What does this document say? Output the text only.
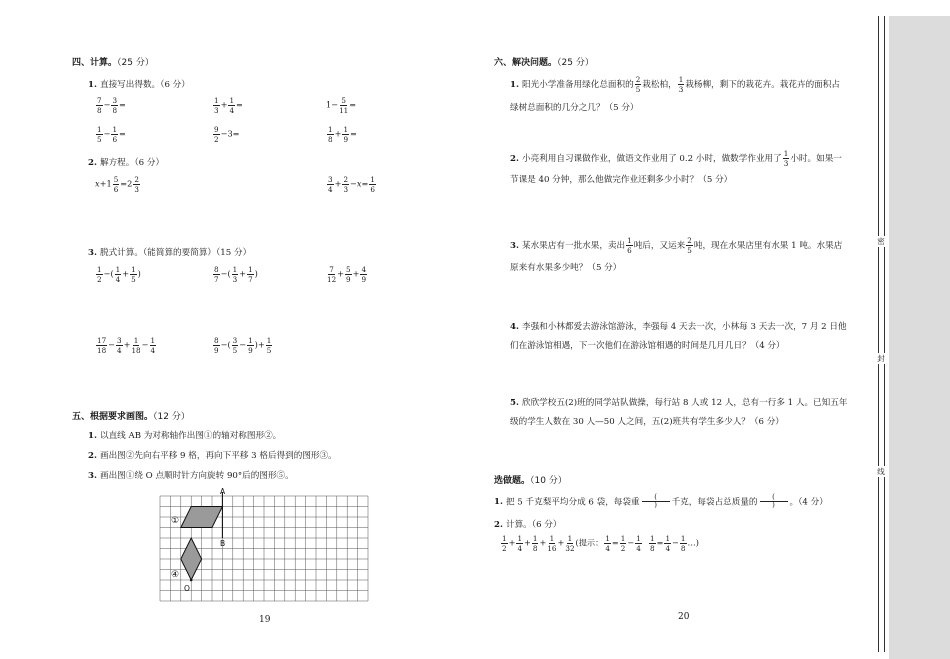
四、计算。（25 分）
1. 直接写出得数。（6 分）
$\frac{7}{8} - \frac{3}{8}$ =	$\frac{1}{3} + \frac{1}{4}$ =	$1- \frac{5}{11}$ =
$\frac{1}{5} - \frac{1}{6}$ =	$\frac{9}{2} -3=$	$\frac{1}{8} + \frac{1}{9}$ =
2. 解方程。（6 分）
$x+1 \frac{5}{6} =2 \frac{2}{3}$	$\frac{3}{4} + \frac{2}{3} -x= \frac{1}{6}$
3. 脱式计算。（能简算的要简算）（15 分）
$\frac{1}{2}$ −( $\frac{1}{4} + \frac{1}{5}$ )	$\frac{8}{7}$ −( $\frac{1}{3} + \frac{1}{7}$ )	$\frac{7}{12} + \frac{5}{9} + \frac{4}{9}$
$\frac{17}{18} - \frac{3}{4} + \frac{1}{18} - \frac{1}{4}$	$\frac{8}{9}$ −( $\frac{3}{5} - \frac{1}{9}$ )+ $\frac{1}{5}$
五、根据要求画图。（12 分）
1. 以直线 AB 为对称轴作出图①的轴对称图形②。
2. 画出图②先向右平移 9 格，再向下平移 3 格后得到的图形③。
3. 画出图①绕 O 点顺时针方向旋转 90°后的图形⑤。
A
B
O
①
④
19
六、解决问题。（25 分）
1. 阳光小学准备用绿化总面积的 $\frac{2}{5}$ 栽松柏， $\frac{1}{3}$ 栽杨柳，剩下的栽花卉。栽花卉的面积占
绿树总面积的几分之几？（5 分）
2. 小亮利用自习课做作业，做语文作业用了 0.2 小时，做数学作业用了 $\frac{1}{3}$ 小时。如果一
节课是 40 分钟，那么他做完作业还剩多少小时？（5 分）
3. 某水果店有一批水果，卖出 $\frac{1}{6}$ 吨后，又运来 $\frac{2}{5}$ 吨，现在水果店里有水果 1 吨。水果店
原来有水果多少吨？（5 分）
4. 李强和小林都爱去游泳馆游泳，李强每 4 天去一次，小林每 3 天去一次，7 月 2 日他
们在游泳馆相遇，下一次他们在游泳馆相遇的时间是几月几日？（4 分）
5. 欣欣学校五(2)班的同学站队做操，每行站 8 人或 12 人，总有一行多 1 人。已知五年
级的学生人数在 30 人—50 人之间，五(2)班共有学生多少人？（6 分）
选做题。（10 分）
1. 把 5 千克梨平均分成 6 袋，每袋重
(
) 千克，每袋占总质量的
(
) 。（4 分）
2. 计算。（6 分）
$\frac{1}{2} + \frac{1}{4} + \frac{1}{8} + \frac{1}{16} + \frac{1}{32}$ (提示： $\frac{1}{4} = \frac{1}{2} - \frac{1}{4}$
$\frac{1}{8} = \frac{1}{4} - \frac{1}{8}$ …)
20
密
封
线
